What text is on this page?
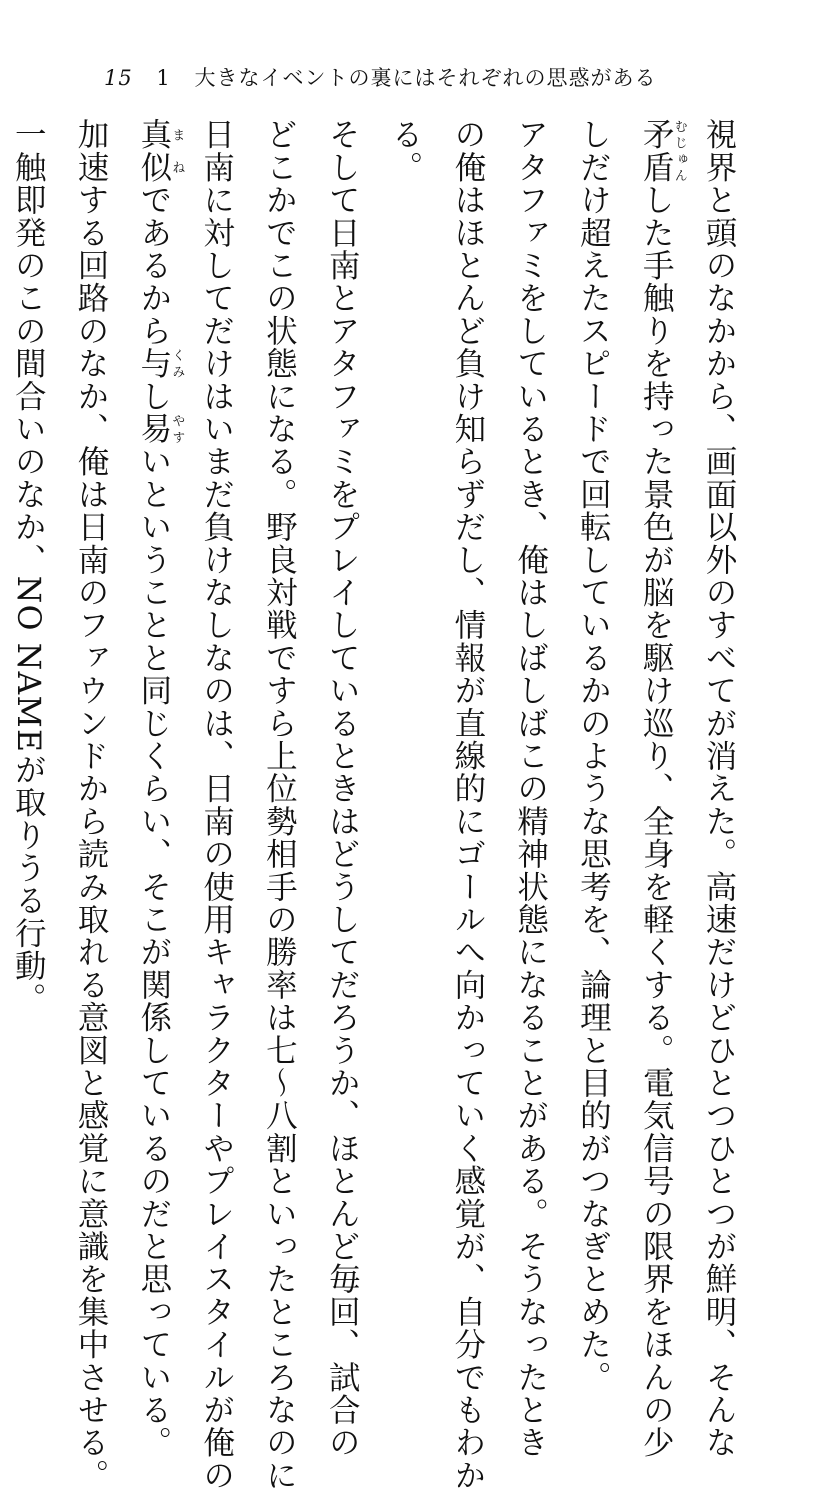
15 1 大きなイベントの裏にはそれぞれの思惑がある

視界と頭のなかから、画面以外のすべてが消えた。高速だけどひとつひとつが鮮明、そんな

矛盾むじゅんした手触りを持った景色が脳を駆け巡り、全身を軽くする。電気信号の限界をほんの少

しだけ超えたスピードで回転しているかのような思考を、論理と目的がつなぎとめた。

アタファミをしているとき、俺はしばしばこの精神状態になることがある。そうなったとき

の俺はほとんど負け知らずだし、情報が直線的にゴールへ向かっていく感覚が、自分でもわか

る。

そして日南とアタファミをプレイしているときはどうしてだろうか、ほとんど毎回、試合の

どこかでこの状態になる。野良対戦ですら上位勢相手の勝率は七〜八割といったところなのに

日南に対してだけはいまだ負けなしなのは、日南の使用キャラクターやプレイスタイルが俺の

真似まねであるから与くみし易やすいということと同じくらい、そこが関係しているのだと思っている。

加速する回路のなか、俺は日南のファウンドから読み取れる意図と感覚に意識を集中させる。

一触即発のこの間合いのなか、NO NAMEが取りうる行動。
